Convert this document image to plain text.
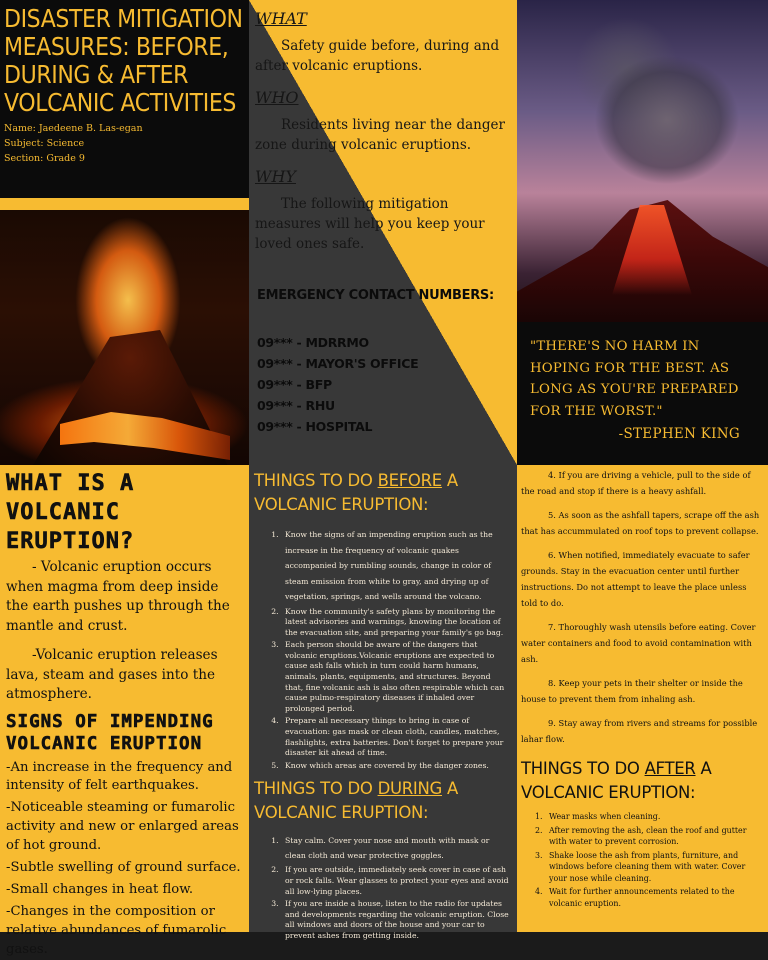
DISASTER MITIGATION MEASURES: BEFORE, DURING & AFTER VOLCANIC ACTIVITIES
Name: Jaedeene B. Las-egan
Subject: Science
Section: Grade 9
WHAT
Safety guide before, during and after volcanic eruptions.
WHO
Residents living near the danger zone during volcanic eruptions.
WHY
The following mitigation measures will help you keep your loved ones safe.
EMERGENCY CONTACT NUMBERS:
09*** - MDRRMO
09*** - MAYOR'S OFFICE
09*** - BFP
09*** - RHU
09*** - HOSPITAL
"THERE'S NO HARM IN HOPING FOR THE BEST. AS LONG AS YOU'RE PREPARED FOR THE WORST."
-STEPHEN KING
WHAT IS A VOLCANIC ERUPTION?
- Volcanic eruption occurs when magma from deep inside the earth pushes up through the mantle and crust.
-Volcanic eruption releases lava, steam and gases into the atmosphere.
SIGNS OF IMPENDING VOLCANIC ERUPTION
-An increase in the frequency and intensity of felt earthquakes.
-Noticeable steaming or fumarolic activity and new or enlarged areas of hot ground.
-Subtle swelling of ground surface.
-Small changes in heat flow.
-Changes in the composition or relative abundances of fumarolic gases.
THINGS TO DO BEFORE A VOLCANIC ERUPTION:
1. Know the signs of an impending eruption such as the increase in the frequency of volcanic quakes accompanied by rumbling sounds, change in color of steam emission from white to gray, and drying up of vegetation, springs, and wells around the volcano.
2. Know the community's safety plans by monitoring the latest advisories and warnings, knowing the location of the evacuation site, and preparing your family's go bag.
3. Each person should be aware of the dangers that volcanic eruptions.Volcanic eruptions are expected to cause ash falls which in turn could harm humans, animals, plants, equipments, and structures. Beyond that, fine volcanic ash is also often respirable which can cause pulmo-respiratory diseases if inhaled over prolonged period.
4. Prepare all necessary things to bring in case of evacuation: gas mask or clean cloth, candles, matches, flashlights, extra batteries. Don't forget to prepare your disaster kit ahead of time.
5. Know which areas are covered by the danger zones.
THINGS TO DO DURING A VOLCANIC ERUPTION:
1. Stay calm. Cover your nose and mouth with mask or clean cloth and wear protective goggles.
2. If you are outside, immediately seek cover in case of ash or rock falls. Wear glasses to protect your eyes and avoid all low-lying places.
3. If you are inside a house, listen to the radio for updates and developments regarding the volcanic eruption. Close all windows and doors of the house and your car to prevent ashes from getting inside.
4. If you are driving a vehicle, pull to the side of the road and stop if there is a heavy ashfall.
5. As soon as the ashfall tapers, scrape off the ash that has accummulated on roof tops to prevent collapse.
6. When notified, immediately evacuate to safer grounds. Stay in the evacuation center until further instructions. Do not attempt to leave the place unless told to do.
7. Thoroughly wash utensils before eating. Cover water containers and food to avoid contamination with ash.
8. Keep your pets in their shelter or inside the house to prevent them from inhaling ash.
9. Stay away from rivers and streams for possible lahar flow.
THINGS TO DO AFTER A VOLCANIC ERUPTION:
1. Wear masks when cleaning.
2. After removing the ash, clean the roof and gutter with water to prevent corrosion.
3. Shake loose the ash from plants, furniture, and windows before cleaning them with water. Cover your nose while cleaning.
4. Wait for further announcements related to the volcanic eruption.
